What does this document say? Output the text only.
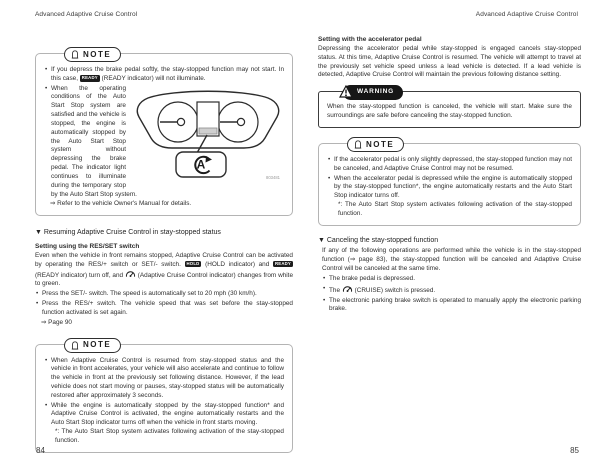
Advanced Adaptive Cruise Control	Advanced Adaptive Cruise Control
NOTE
• If you depress the brake pedal softly, the stay-stopped function may not start. In this case, READY (READY indicator) will not illuminate.
A
803481
• When the operating conditions of the Auto Start Stop system are satisfied and the vehicle is stopped, the engine is automatically stopped by the Auto Start Stop system without depressing the brake pedal. The indicator light continues to illuminate during the temporary stop by the Auto Start Stop system.
⇒ Refer to the vehicle Owner's Manual for details.
▼ Resuming Adaptive Cruise Control in stay-stopped status
Setting using the RES/SET switch

Even when the vehicle in front remains stopped, Adaptive Cruise Control can be activated by operating the RES/+ switch or SET/- switch. HOLD (HOLD indicator) and READY (READY indicator) turn off, and  (Adaptive Cruise Control indicator) changes from white to green.

• Press the SET/- switch. The speed is automatically set to 20 mph (30 km/h).
• Press the RES/+ switch. The vehicle speed that was set before the stay-stopped function activated is set again.
⇒ Page 90
NOTE
• When Adaptive Cruise Control is resumed from stay-stopped status and the vehicle in front accelerates, your vehicle will also accelerate and continue to follow the vehicle in front at the previously set following distance. However, if the lead vehicle does not start moving or pauses, stay-stopped status will be automatically restored after approximately 3 seconds.
• While the engine is automatically stopped by the stay-stopped function* and Adaptive Cruise Control is activated, the engine automatically restarts and the Auto Start Stop indicator turns off when the vehicle in front starts moving.
*: The Auto Start Stop system activates following activation of the stay-stopped function.
Setting with the accelerator pedal

Depressing the accelerator pedal while stay-stopped is engaged cancels stay-stopped status. At this time, Adaptive Cruise Control is resumed. The vehicle will attempt to travel at the previously set vehicle speed unless a lead vehicle is detected. If a lead vehicle is detected, Adaptive Cruise Control will maintain the previous following distance setting.

WARNING

When the stay-stopped function is canceled, the vehicle will start. Make sure the surroundings are safe before canceling the stay-stopped function.

NOTE
• If the accelerator pedal is only slightly depressed, the stay-stopped function may not be canceled, and Adaptive Cruise Control may not be resumed.
• When the accelerator pedal is depressed while the engine is automatically stopped by the stay-stopped function*, the engine automatically restarts and the Auto Start Stop indicator turns off.
*: The Auto Start Stop system activates following activation of the stay-stopped function.
▼ Canceling the stay-stopped function

If any of the following operations are performed while the vehicle is in the stay-stopped function (⇒ page 83), the stay-stopped function will be canceled and Adaptive Cruise Control will be canceled at the same time.

• The brake pedal is depressed.
• The  (CRUISE) switch is pressed.
• The electronic parking brake switch is operated to manually apply the electronic parking brake.
84	85
